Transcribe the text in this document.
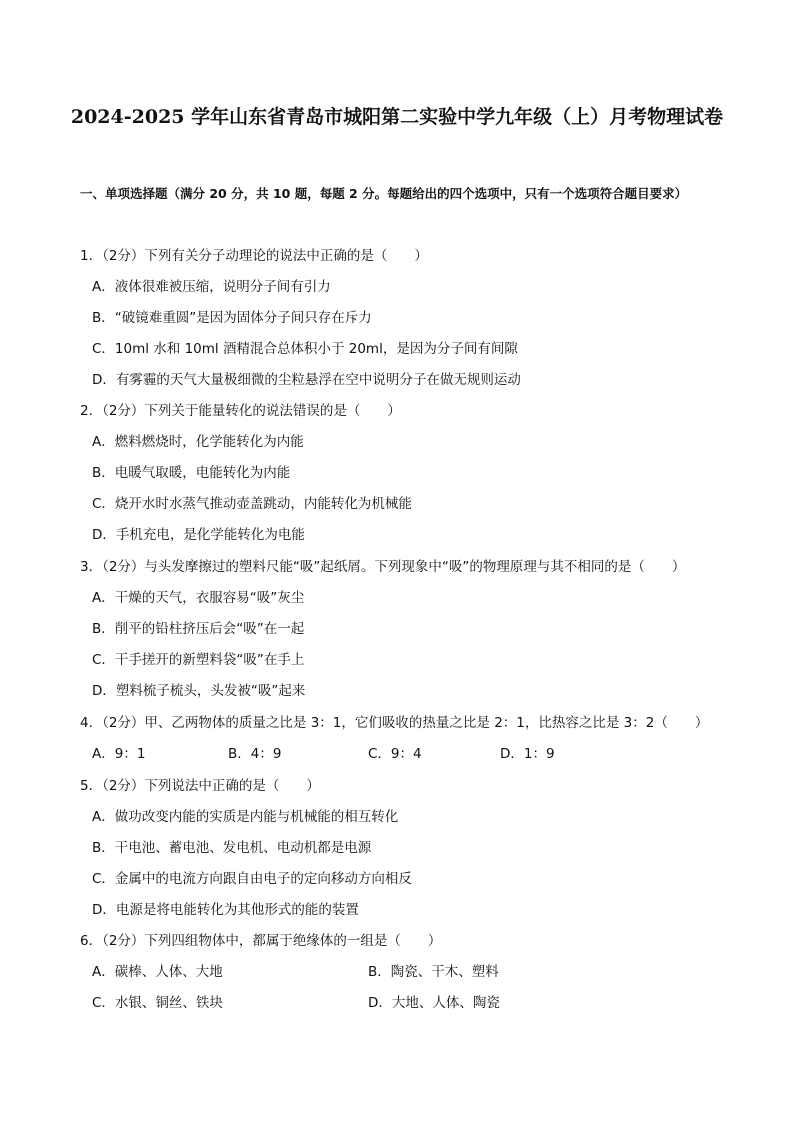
2024-2025 学年山东省青岛市城阳第二实验中学九年级（上）月考物理试卷
一、单项选择题（满分 20 分，共 10 题，每题 2 分。每题给出的四个选项中，只有一个选项符合题目要求）
1．（2分）下列有关分子动理论的说法中正确的是（　　）
A．液体很难被压缩，说明分子间有引力
B．“破镜难重圆”是因为固体分子间只存在斥力
C．10ml 水和 10ml 酒精混合总体积小于 20ml，是因为分子间有间隙
D．有雾霾的天气大量极细微的尘粒悬浮在空中说明分子在做无规则运动
2．（2分）下列关于能量转化的说法错误的是（　　）
A．燃料燃烧时，化学能转化为内能
B．电暖气取暖，电能转化为内能
C．烧开水时水蒸气推动壶盖跳动，内能转化为机械能
D．手机充电，是化学能转化为电能
3．（2分）与头发摩擦过的塑料尺能“吸”起纸屑。下列现象中“吸”的物理原理与其不相同的是（　　）
A．干燥的天气，衣服容易“吸”灰尘
B．削平的铅柱挤压后会“吸”在一起
C．干手搓开的新塑料袋“吸”在手上
D．塑料梳子梳头，头发被“吸”起来
4．（2分）甲、乙两物体的质量之比是 3：1，它们吸收的热量之比是 2：1，比热容之比是 3：2（　　）
A．9：1	B．4：9	C．9：4	D．1：9
5．（2分）下列说法中正确的是（　　）
A．做功改变内能的实质是内能与机械能的相互转化
B．干电池、蓄电池、发电机、电动机都是电源
C．金属中的电流方向跟自由电子的定向移动方向相反
D．电源是将电能转化为其他形式的能的装置
6．（2分）下列四组物体中，都属于绝缘体的一组是（　　）
A．碳棒、人体、大地	B．陶瓷、干木、塑料
C．水银、铜丝、铁块	D．大地、人体、陶瓷
